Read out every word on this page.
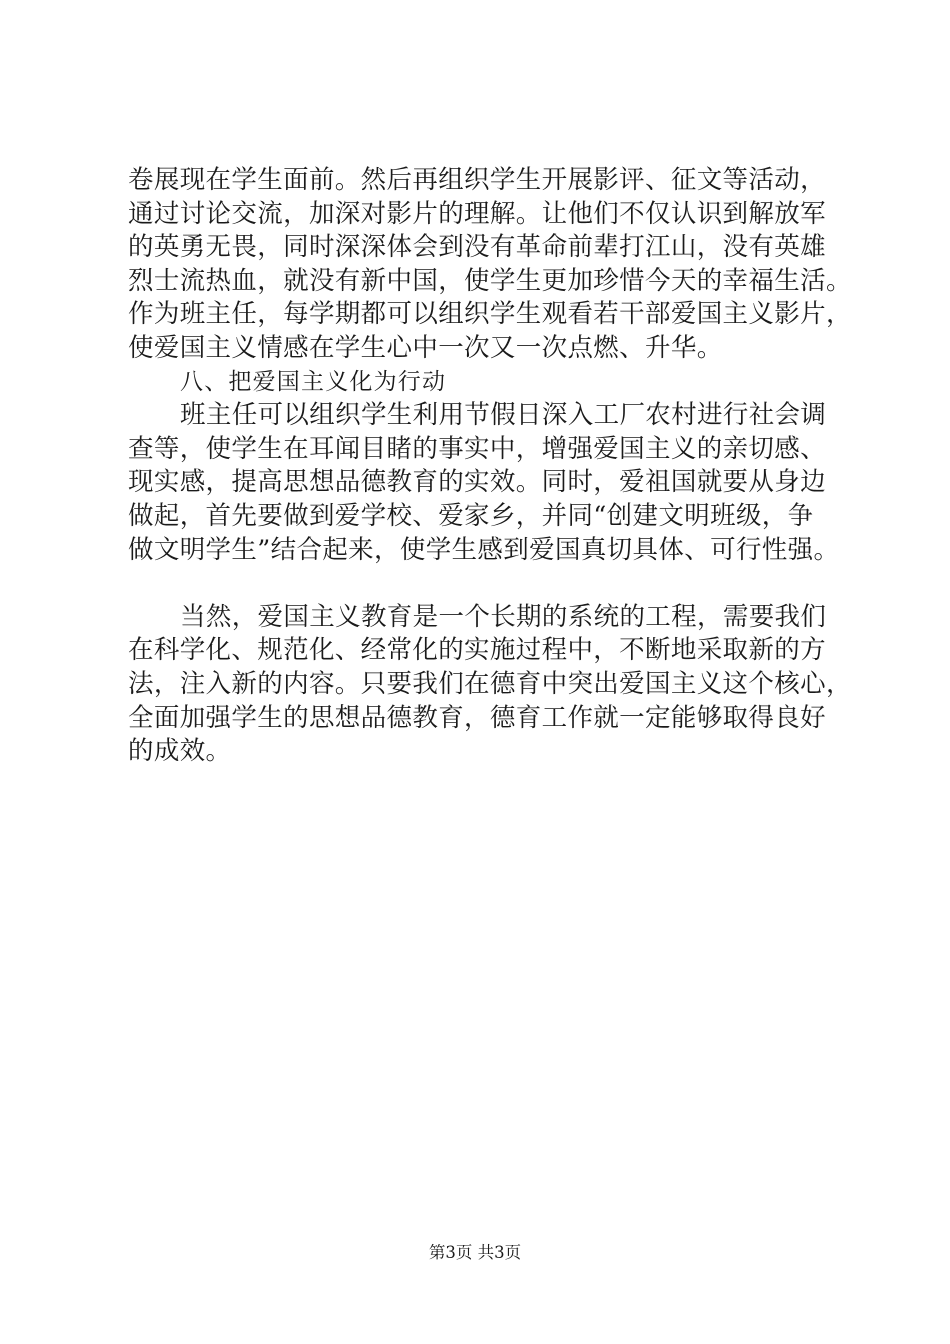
卷展现在学生面前。然后再组织学生开展影评、征文等活动，
通过讨论交流，加深对影片的理解。让他们不仅认识到解放军
的英勇无畏，同时深深体会到没有革命前辈打江山，没有英雄
烈士流热血，就没有新中国，使学生更加珍惜今天的幸福生活。
作为班主任，每学期都可以组织学生观看若干部爱国主义影片，
使爱国主义情感在学生心中一次又一次点燃、升华。
八、把爱国主义化为行动
班主任可以组织学生利用节假日深入工厂农村进行社会调
查等，使学生在耳闻目睹的事实中，增强爱国主义的亲切感、
现实感，提高思想品德教育的实效。同时，爱祖国就要从身边
做起，首先要做到爱学校、爱家乡，并同“创建文明班级，争
做文明学生”结合起来，使学生感到爱国真切具体、可行性强。
当然，爱国主义教育是一个长期的系统的工程，需要我们
在科学化、规范化、经常化的实施过程中，不断地采取新的方
法，注入新的内容。只要我们在德育中突出爱国主义这个核心，
全面加强学生的思想品德教育，德育工作就一定能够取得良好
的成效。
第3页 共3页
